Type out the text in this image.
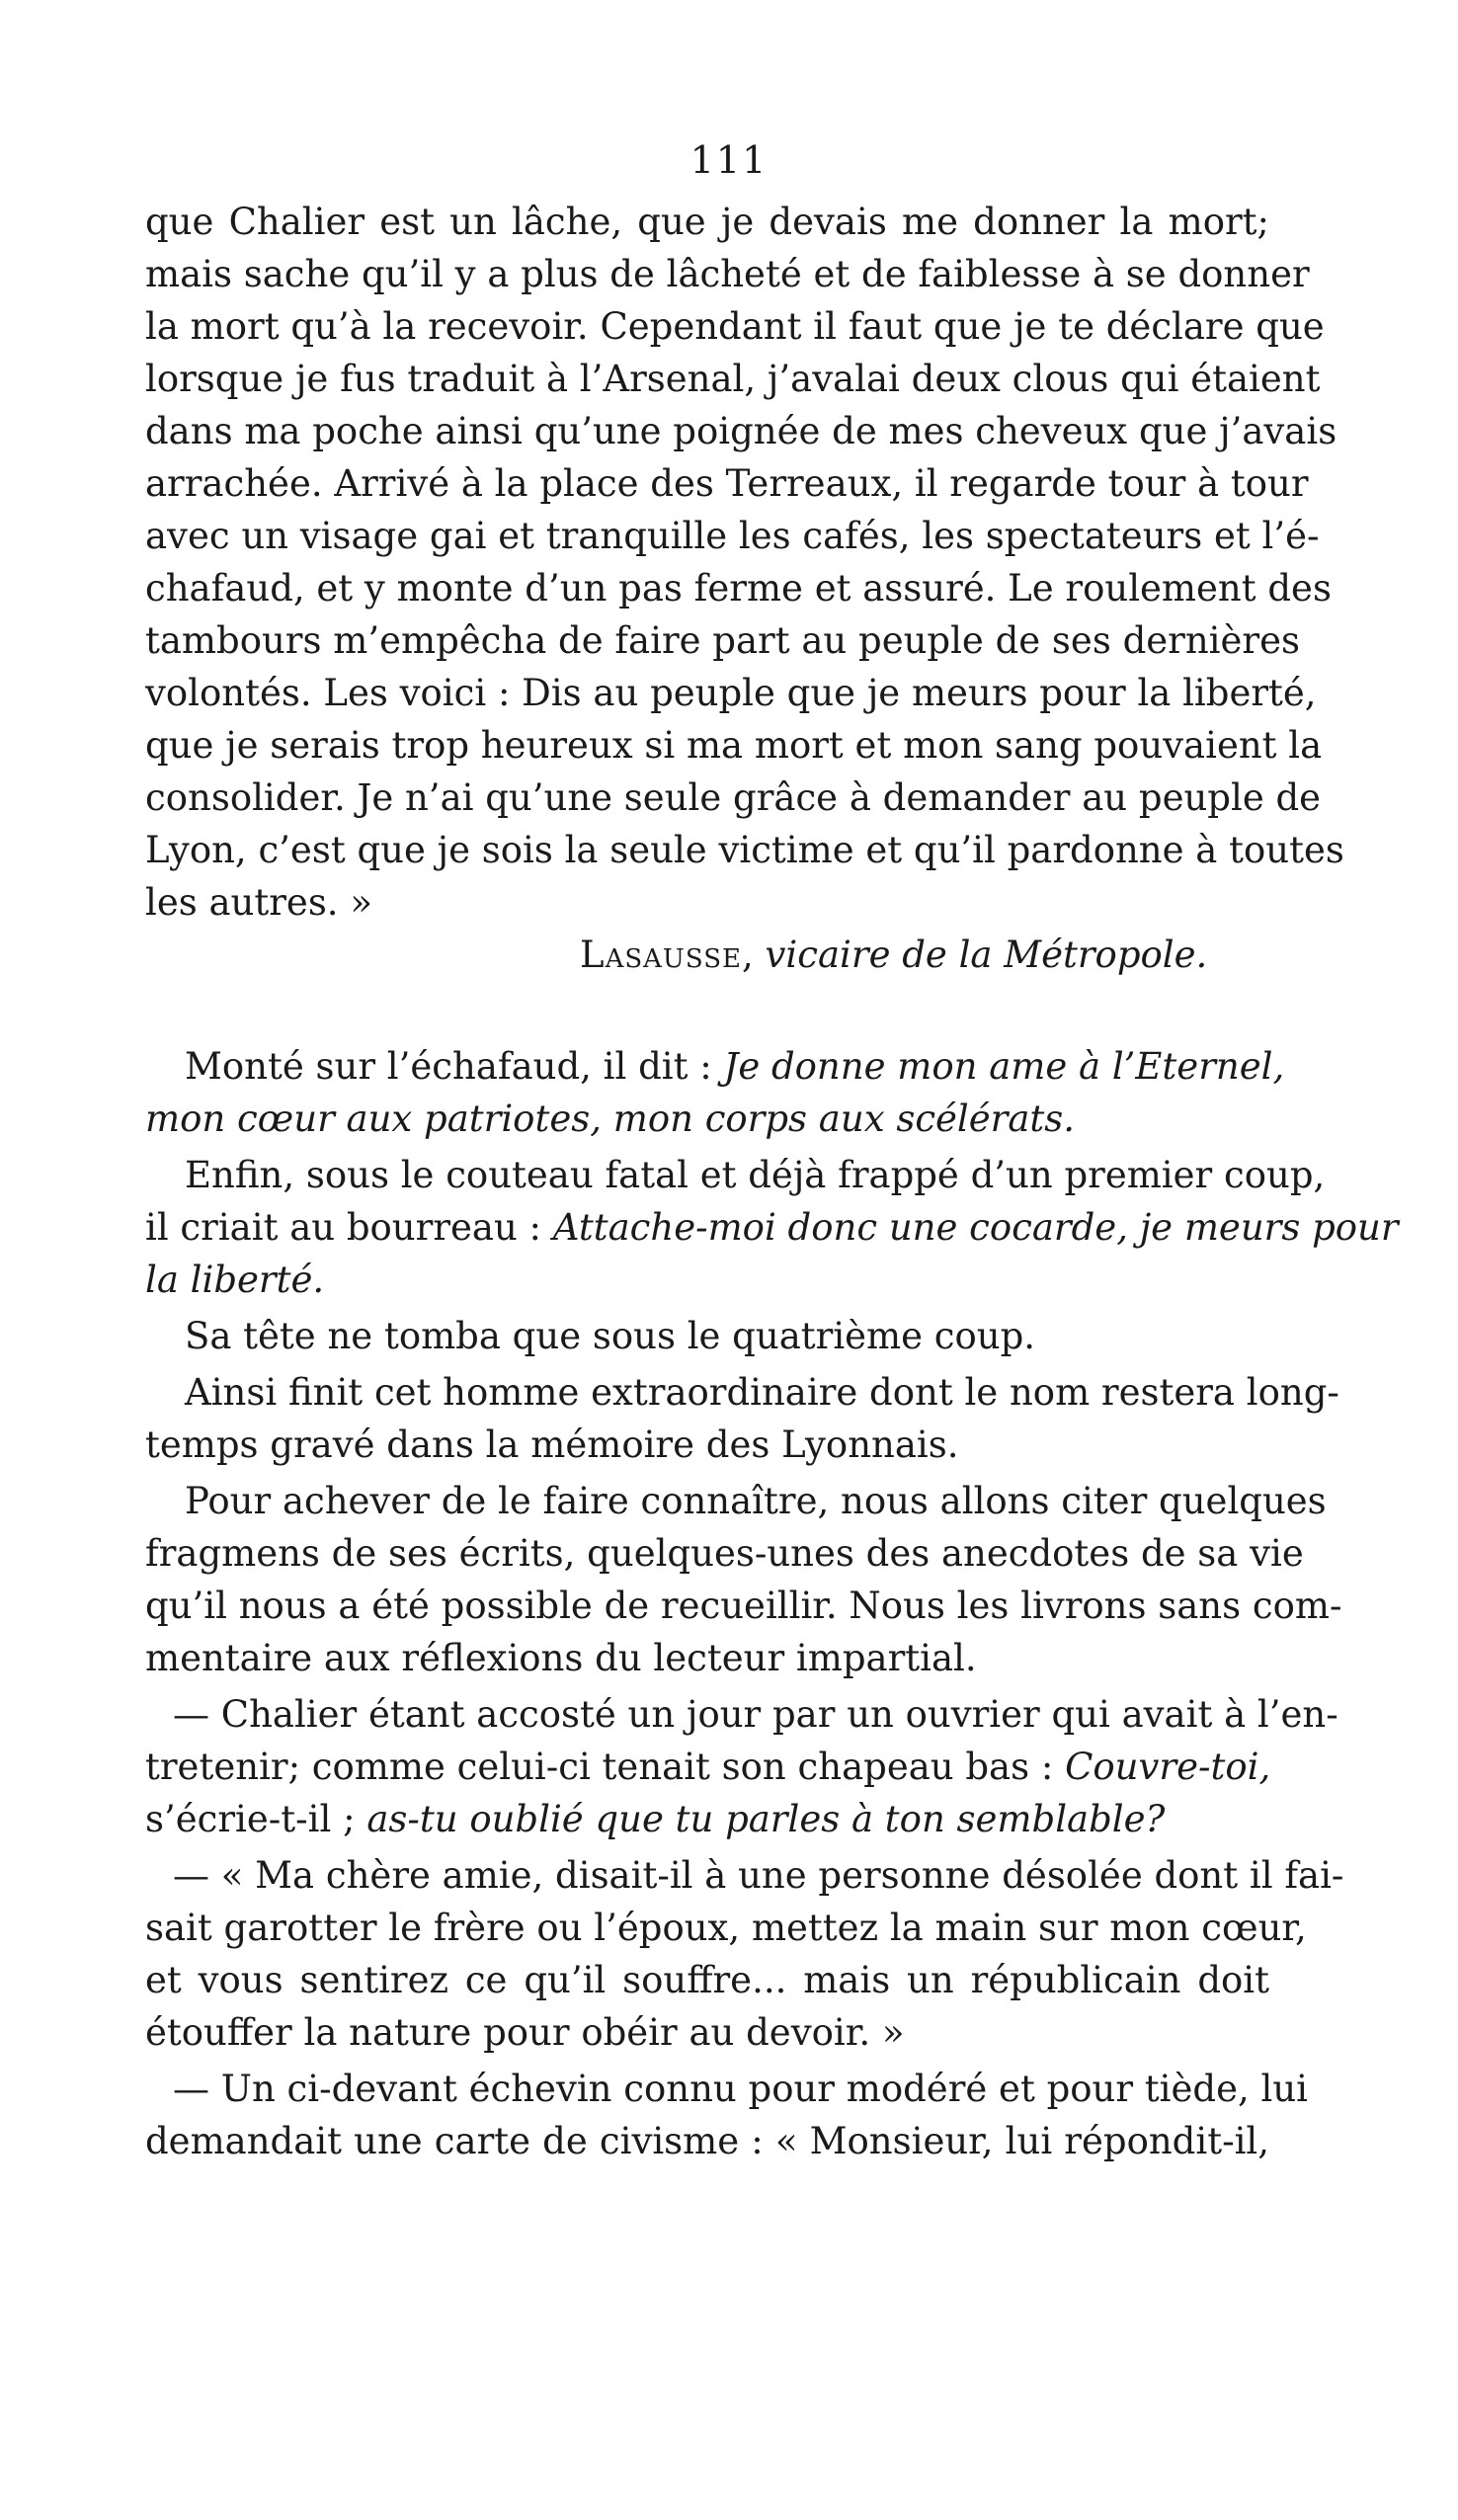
111
que Chalier est un lâche, que je devais me donner la mort;
mais sache qu’il y a plus de lâcheté et de faiblesse à se donner
la mort qu’à la recevoir. Cependant il faut que je te déclare que
lorsque je fus traduit à l’Arsenal, j’avalai deux clous qui étaient
dans ma poche ainsi qu’une poignée de mes cheveux que j’avais
arrachée. Arrivé à la place des Terreaux, il regarde tour à tour
avec un visage gai et tranquille les cafés, les spectateurs et l’é-
chafaud, et y monte d’un pas ferme et assuré. Le roulement des
tambours m’empêcha de faire part au peuple de ses dernières
volontés. Les voici : Dis au peuple que je meurs pour la liberté,
que je serais trop heureux si ma mort et mon sang pouvaient la
consolider. Je n’ai qu’une seule grâce à demander au peuple de
Lyon, c’est que je sois la seule victime et qu’il pardonne à toutes
les autres. »
Lasausse, vicaire de la Métropole.
Monté sur l’échafaud, il dit : Je donne mon ame à l’Eternel,
mon cœur aux patriotes, mon corps aux scélérats.
Enfin, sous le couteau fatal et déjà frappé d’un premier coup,
il criait au bourreau : Attache-moi donc une cocarde, je meurs pour
la liberté.
Sa tête ne tomba que sous le quatrième coup.
Ainsi finit cet homme extraordinaire dont le nom restera long-
temps gravé dans la mémoire des Lyonnais.
Pour achever de le faire connaître, nous allons citer quelques
fragmens de ses écrits, quelques-unes des anecdotes de sa vie
qu’il nous a été possible de recueillir. Nous les livrons sans com-
mentaire aux réflexions du lecteur impartial.
— Chalier étant accosté un jour par un ouvrier qui avait à l’en-
tretenir; comme celui-ci tenait son chapeau bas : Couvre-toi,
s’écrie-t-il ; as-tu oublié que tu parles à ton semblable?
— « Ma chère amie, disait-il à une personne désolée dont il fai-
sait garotter le frère ou l’époux, mettez la main sur mon cœur,
et vous sentirez ce qu’il souffre... mais un républicain doit
étouffer la nature pour obéir au devoir. »
— Un ci-devant échevin connu pour modéré et pour tiède, lui
demandait une carte de civisme : « Monsieur, lui répondit-il,
